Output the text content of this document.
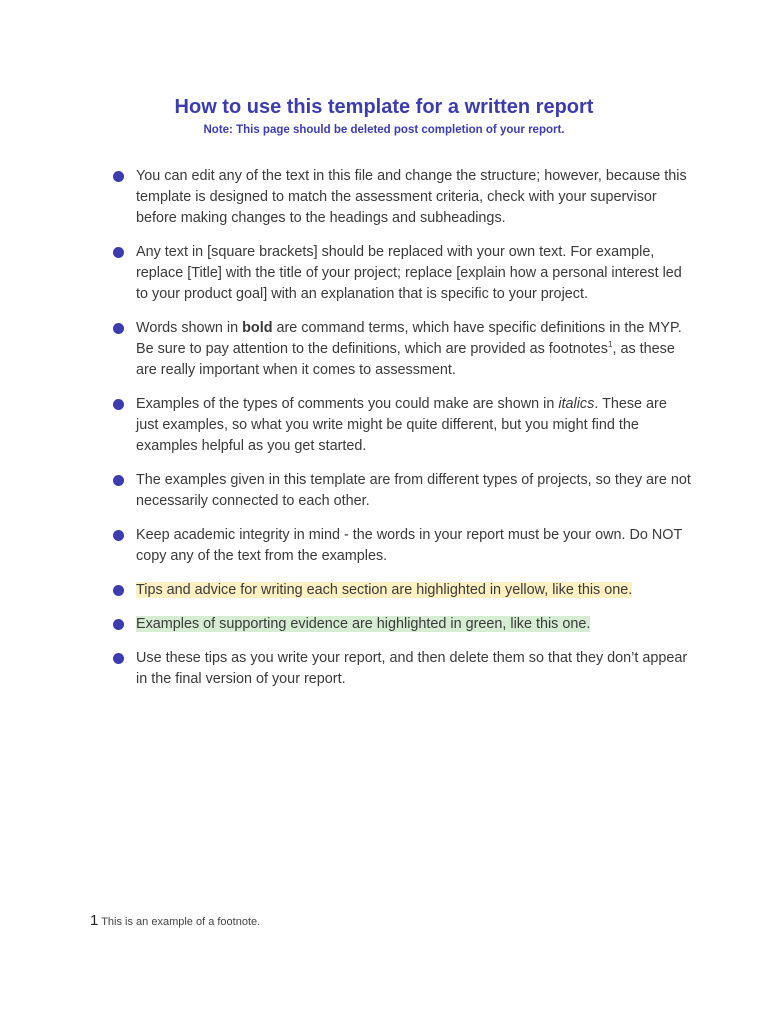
How to use this template for a written report

Note: This page should be deleted post completion of your report.

You can edit any of the text in this file and change the structure; however, because this template is designed to match the assessment criteria, check with your supervisor before making changes to the headings and subheadings.
Any text in [square brackets] should be replaced with your own text. For example, replace [Title] with the title of your project; replace [explain how a personal interest led to your product goal] with an explanation that is specific to your project.
Words shown in bold are command terms, which have specific definitions in the MYP. Be sure to pay attention to the definitions, which are provided as footnotes$^1$, as these are really important when it comes to assessment.
Examples of the types of comments you could make are shown in italics. These are just examples, so what you write might be quite different, but you might find the examples helpful as you get started.
The examples given in this template are from different types of projects, so they are not necessarily connected to each other.
Keep academic integrity in mind - the words in your report must be your own. Do NOT copy any of the text from the examples.
Tips and advice for writing each section are highlighted in yellow, like this one.
Examples of supporting evidence are highlighted in green, like this one.
Use these tips as you write your report, and then delete them so that they don’t appear in the final version of your report.
1 This is an example of a footnote.
